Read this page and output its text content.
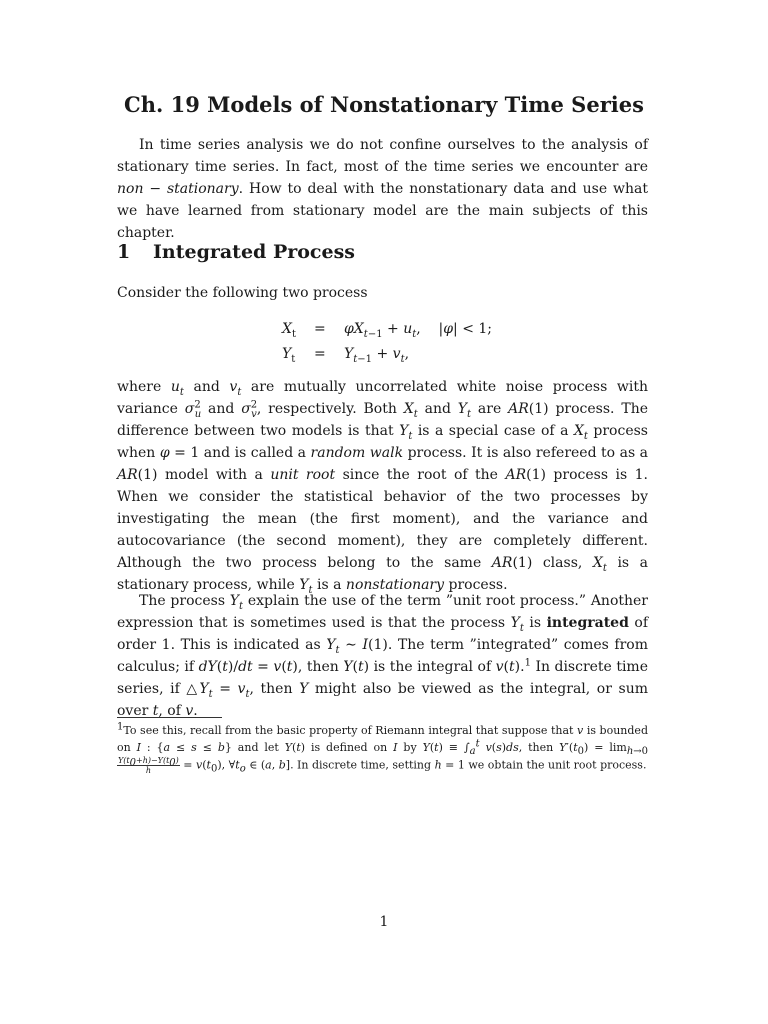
Ch. 19 Models of Nonstationary Time Series

In time series analysis we do not confine ourselves to the analysis of stationary time series. In fact, most of the time series we encounter are non − stationary. How to deal with the nonstationary data and use what we have learned from stationary model are the main subjects of this chapter.

1 Integrated Process

Consider the following two process

$X_t = \varphi X_{t-1} + u_t$,    |φ| < 1;
$Y_t = Y_{t-1} + v_t$,

where $u_t$ and $v_t$ are mutually uncorrelated white noise process with variance $\sigma^2_u$ and $\sigma^2_v$, respectively. Both $X_t$ and $Y_t$ are AR(1) process. The difference between two models is that $Y_t$ is a special case of a $X_t$ process when φ = 1 and is called a random walk process. It is also refereed to as a AR(1) model with a unit root since the root of the AR(1) process is 1. When we consider the statistical behavior of the two processes by investigating the mean (the first moment), and the variance and autocovariance (the second moment), they are completely different. Although the two process belong to the same AR(1) class, $X_t$ is a stationary process, while $Y_t$ is a nonstationary process.

The process $Y_t$ explain the use of the term ”unit root process.” Another expression that is sometimes used is that the process $Y_t$ is integrated of order 1. This is indicated as $Y_t$ ∼ I(1). The term ”integrated” comes from calculus; if dY(t)/dt = v(t), then Y(t) is the integral of v(t).$^1$ In discrete time series, if $\triangle Y_t = v_t$, then Y might also be viewed as the integral, or sum over t, of v.

$^1$To see this, recall from the basic property of Riemann integral that suppose that v is bounded on I : {a ≤ s ≤ b} and let Y(t) is defined on I by $Y(t) \equiv \int_a^t$ v(s)ds, then $Y'(t_0) = \lim_{h\to 0}$
$\frac{Y(t_0+h)-Y(t_0)}{h} = v(t_0)$, $\forall t_o$ ∈ (a, b]. In discrete time, setting h = 1 we obtain the unit root process.

1
